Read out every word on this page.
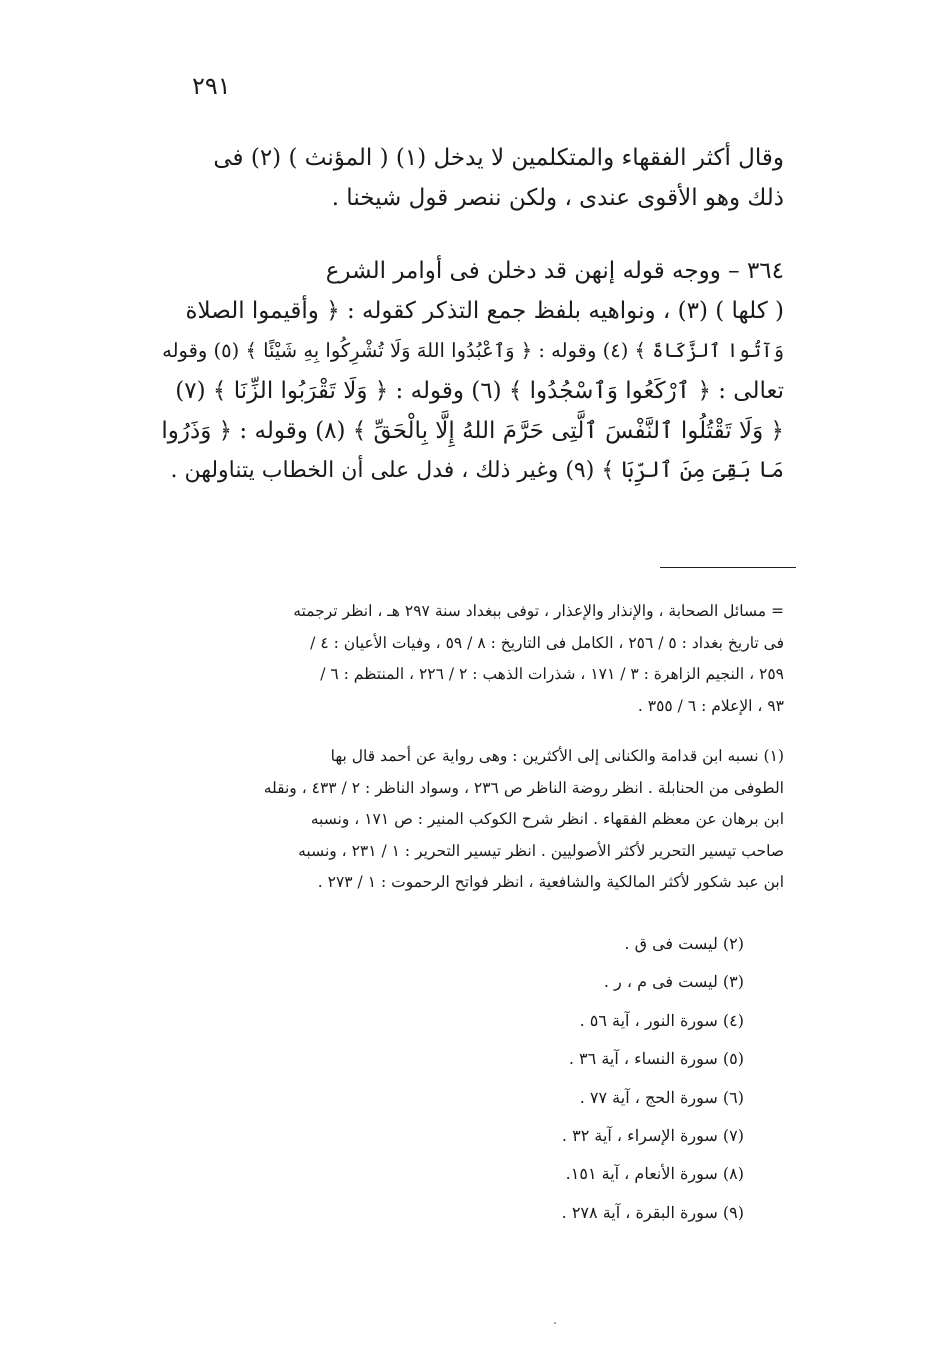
٢٩١
وقال أكثر الفقهاء والمتكلمين لا يدخل (١) ( المؤنث ) (٢) فى
ذلك وهو الأقوى عندى ، ولكن ننصر قول شيخنا .
٣٦٤ – ووجه قوله إنهن قد دخلن فى أوامر الشرع
( كلها ) (٣) ، ونواهيه بلفظ جمع التذكر كقوله : ﴿ وأقيموا الصلاة
وَآتُوا ٱلزَّكَاةَ ﴾ (٤) وقوله : ﴿ وَٱعْبُدُوا اللهَ وَلَا تُشْرِكُوا بِهِ شَيْئًا ﴾ (٥) وقوله
تعالى : ﴿ ٱرْكَعُوا وَٱسْجُدُوا ﴾ (٦) وقوله : ﴿ وَلَا تَقْرَبُوا الزِّنَا ﴾ (٧)
﴿ وَلَا تَقْتُلُوا ٱلنَّفْسَ ٱلَّتِى حَرَّمَ اللهُ إِلَّا بِالْحَقِّ ﴾ (٨) وقوله : ﴿ وَذَرُوا
مَا بَقِىَ مِنَ ٱلرِّبَا ﴾ (٩) وغير ذلك ، فدل على أن الخطاب يتناولهن .
= مسائل الصحابة ، والإنذار والإعذار ، توفى ببغداد سنة ٢٩٧ هـ ، انظر ترجمته
فى تاريخ بغداد : ٥ / ٢٥٦ ، الكامل فى التاريخ : ٨ / ٥٩ ، وفيات الأعيان : ٤ /
٢٥٩ ، النجيم الزاهرة : ٣ / ١٧١ ، شذرات الذهب : ٢ / ٢٢٦ ، المنتظم : ٦ /
٩٣ ، الإعلام : ٦ / ٣٥٥ .
(١) نسبه ابن قدامة والكنانى إلى الأكثرين : وهى رواية عن أحمد قال بها
الطوفى من الحنابلة . انظر روضة الناظر ص ٢٣٦ ، وسواد الناظر : ٢ / ٤٣٣ ، ونقله
ابن برهان عن معظم الفقهاء . انظر شرح الكوكب المنير : ص ١٧١ ، ونسبه
صاحب تيسير التحرير لأكثر الأصوليين . انظر تيسير التحرير : ١ / ٢٣١ ، ونسبه
ابن عبد شكور لأكثر المالكية والشافعية ، انظر فواتح الرحموت : ١ / ٢٧٣ .
(٢) ليست فى ق .
(٣) ليست فى م ، ر .
(٤) سورة النور ، آية ٥٦ .
(٥) سورة النساء ، آية ٣٦ .
(٦) سورة الحج ، آية ٧٧ .
(٧) سورة الإسراء ، آية ٣٢ .
(٨) سورة الأنعام ، آية ١٥١.
(٩) سورة البقرة ، آية ٢٧٨ .
